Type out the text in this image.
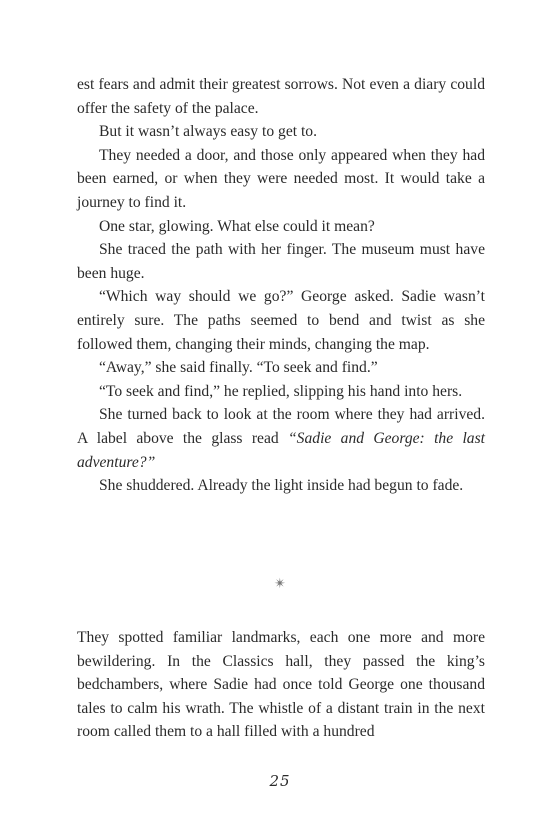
est fears and admit their greatest sorrows. Not even a diary could offer the safety of the palace.

But it wasn’t always easy to get to.

They needed a door, and those only appeared when they had been earned, or when they were needed most. It would take a journey to find it.

One star, glowing. What else could it mean?

She traced the path with her finger. The museum must have been huge.

“Which way should we go?” George asked. Sadie wasn’t entirely sure. The paths seemed to bend and twist as she followed them, changing their minds, changing the map.

“Away,” she said finally. “To seek and find.”

“To seek and find,” he replied, slipping his hand into hers.

She turned back to look at the room where they had arrived. A label above the glass read “Sadie and George: the last adventure?”

She shuddered. Already the light inside had begun to fade.

✴

They spotted familiar landmarks, each one more and more bewildering. In the Classics hall, they passed the king’s bedchambers, where Sadie had once told George one thousand tales to calm his wrath. The whistle of a distant train in the next room called them to a hall filled with a hundred

25
